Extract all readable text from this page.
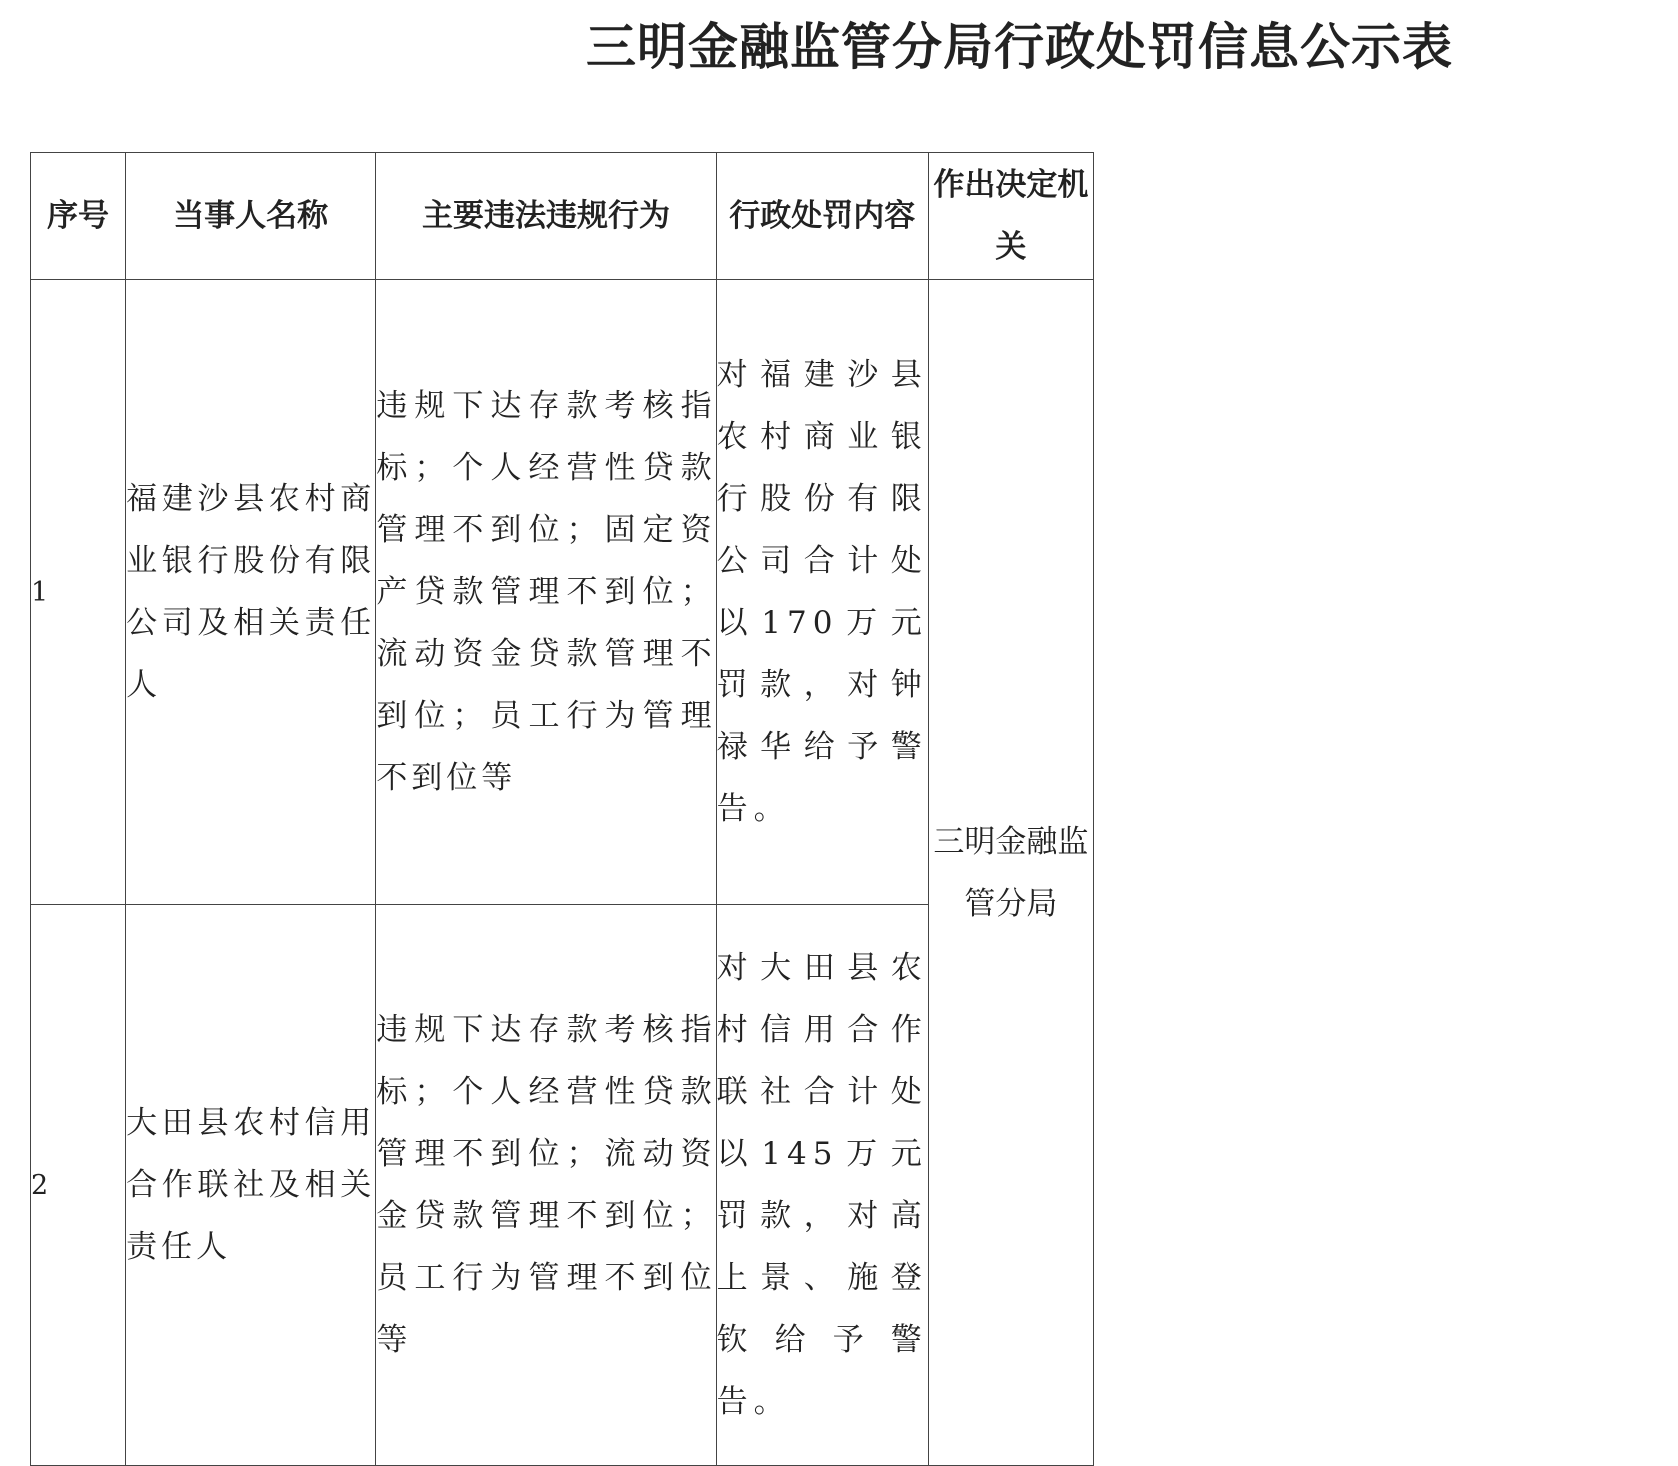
三明金融监管分局行政处罚信息公示表
序号	当事人名称	主要违法违规行为	行政处罚内容	作出决定机关
1	福建沙县农村商业银行股份有限公司及相关责任人	违规下达存款考核指标；个人经营性贷款管理不到位；固定资产贷款管理不到位；流动资金贷款管理不到位；员工行为管理不到位等	对福建沙县农村商业银行股份有限公司合计处以170万元罚款，对钟禄华给予警告。	三明金融监管分局
2	大田县农村信用合作联社及相关责任人	违规下达存款考核指标；个人经营性贷款管理不到位；流动资金贷款管理不到位；员工行为管理不到位等	对大田县农村信用合作联社合计处以145万元罚款，对高上景、施登钦给予警告。	
